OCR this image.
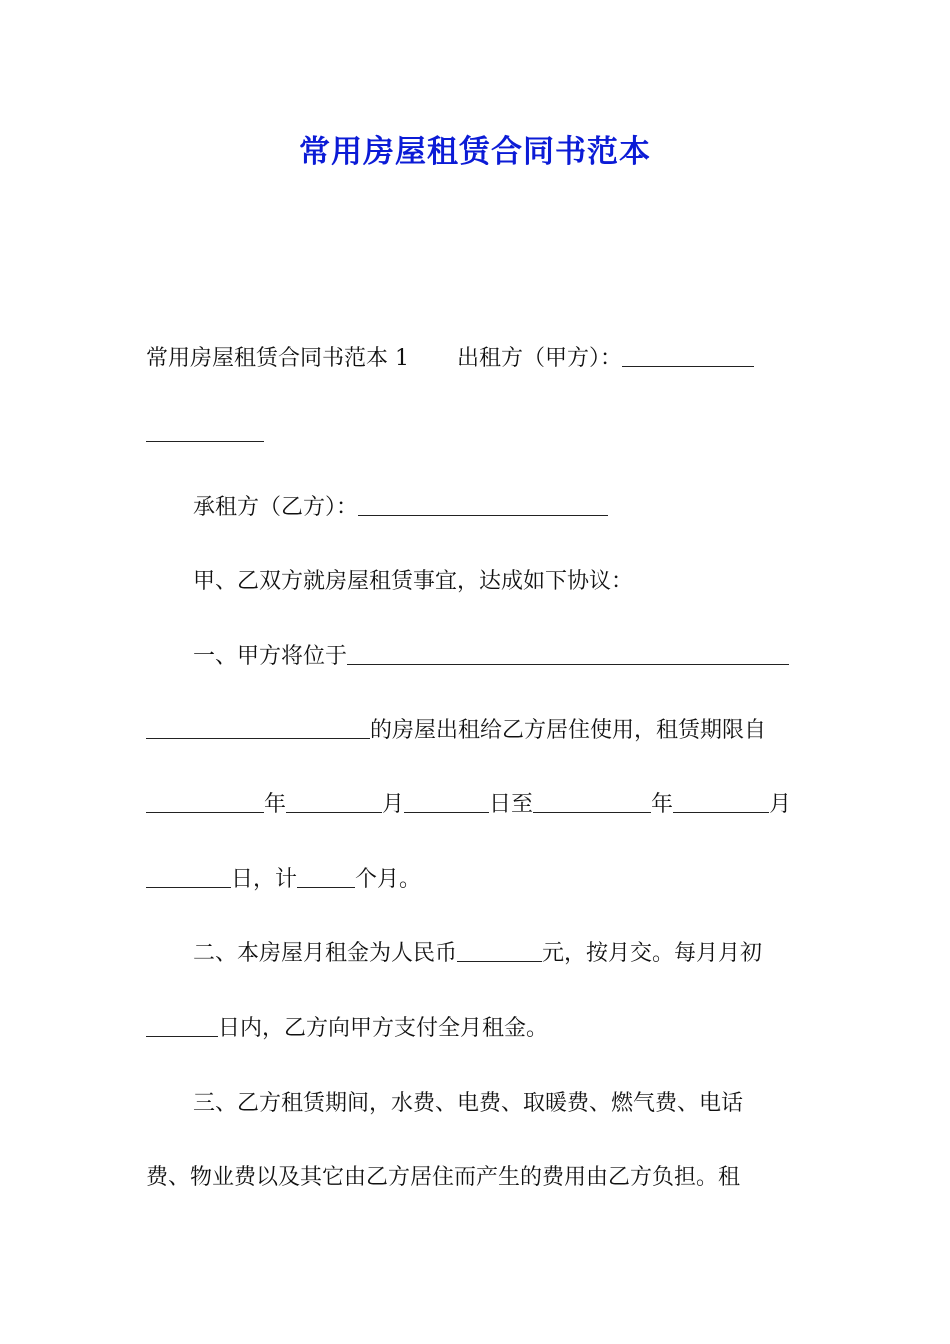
常用房屋租赁合同书范本
常用房屋租赁合同书范本 1 出租方（甲方）：
承租方（乙方）：
甲、乙双方就房屋租赁事宜，达成如下协议：
一、甲方将位于
的房屋出租给乙方居住使用，租赁期限自
年	月	日至	年	月
日，计	个月。
二、本房屋月租金为人民币	元，按月交。每月月初
日内，乙方向甲方支付全月租金。
三、乙方租赁期间，水费、电费、取暖费、燃气费、电话
费、物业费以及其它由乙方居住而产生的费用由乙方负担。租
